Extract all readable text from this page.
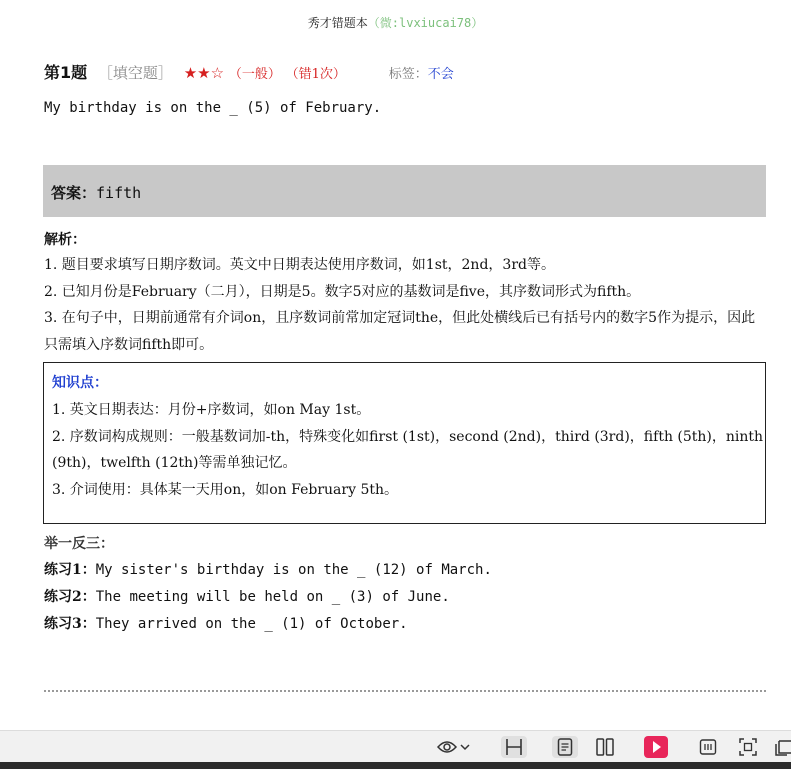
秀才错题本（微:lvxiucai78）
第1题 ［填空题］ ★★☆ （一般） （错1次）	标签：不会
My birthday is on the _ (5) of February.
答案：fifth
解析：

1. 题目要求填写日期序数词。英文中日期表达使用序数词，如1st，2nd，3rd等。

2. 已知月份是February（二月），日期是5。数字5对应的基数词是five，其序数词形式为fifth。

3. 在句子中，日期前通常有介词on，且序数词前常加定冠词the，但此处横线后已有括号内的数字5作为提示，因此只需填入序数词fifth即可。

知识点：

1. 英文日期表达：月份+序数词，如on May 1st。

2. 序数词构成规则：一般基数词加-th，特殊变化如first (1st)，second (2nd)，third (3rd)，fifth (5th)，ninth (9th)，twelfth (12th)等需单独记忆。

3. 介词使用：具体某一天用on，如on February 5th。

举一反三：

练习1：My sister's birthday is on the _ (12) of March.

练习2：The meeting will be held on _ (3) of June.

练习3：They arrived on the _ (1) of October.
